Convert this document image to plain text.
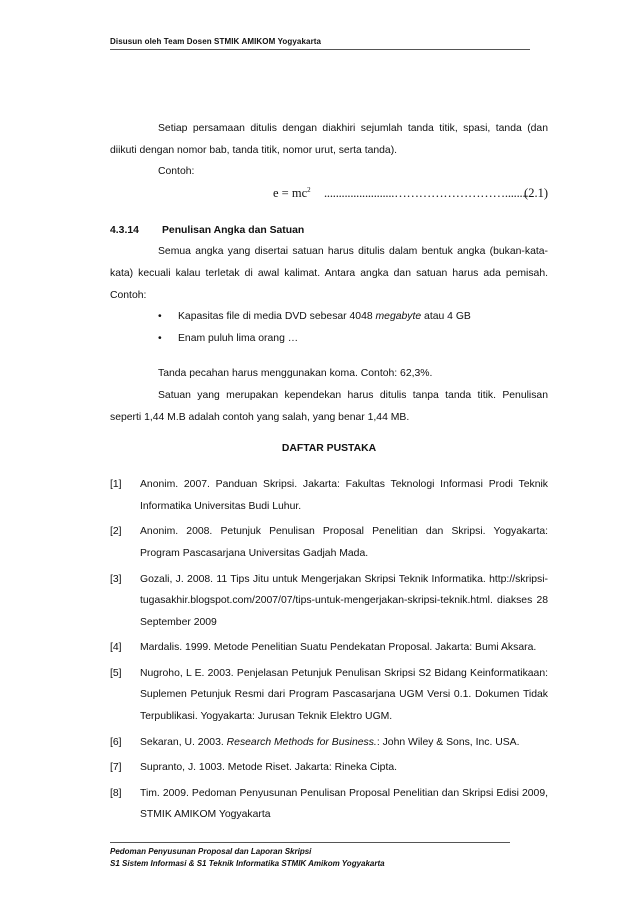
Disusun oleh Team Dosen STMIK AMIKOM Yogyakarta

Setiap persamaan ditulis dengan diakhiri sejumlah tanda titik, spasi, tanda (dan diikuti dengan nomor bab, tanda titik, nomor urut, serta tanda).

Contoh:
$e = mc^2$ ........................………………………........
(2.1)
4.3.14 Penulisan Angka dan Satuan

Semua angka yang disertai satuan harus ditulis dalam bentuk angka (bukan-kata-kata) kecuali kalau terletak di awal kalimat. Antara angka dan satuan harus ada pemisah. Contoh:

• Kapasitas file di media DVD sebesar 4048 megabyte atau 4 GB
• Enam puluh lima orang …

Tanda pecahan harus menggunakan koma. Contoh: 62,3%.

Satuan yang merupakan kependekan harus ditulis tanpa tanda titik. Penulisan seperti 1,44 M.B adalah contoh yang salah, yang benar 1,44 MB.

DAFTAR PUSTAKA
[1] Anonim. 2007. Panduan Skripsi. Jakarta: Fakultas Teknologi Informasi Prodi Teknik Informatika Universitas Budi Luhur.
[2] Anonim. 2008. Petunjuk Penulisan Proposal Penelitian dan Skripsi. Yogyakarta: Program Pascasarjana Universitas Gadjah Mada.
[3] Gozali, J. 2008. 11 Tips Jitu untuk Mengerjakan Skripsi Teknik Informatika. http://skripsi-tugasakhir.blogspot.com/2007/07/tips-untuk-mengerjakan-skripsi-teknik.html. diakses 28 September 2009
[4] Mardalis. 1999. Metode Penelitian Suatu Pendekatan Proposal. Jakarta: Bumi Aksara.
[5] Nugroho, L E. 2003. Penjelasan Petunjuk Penulisan Skripsi S2 Bidang Keinformatikaan: Suplemen Petunjuk Resmi dari Program Pascasarjana UGM Versi 0.1. Dokumen Tidak Terpublikasi. Yogyakarta: Jurusan Teknik Elektro UGM.
[6] Sekaran, U. 2003. Research Methods for Business.: John Wiley & Sons, Inc. USA.
[7] Supranto, J. 1003. Metode Riset. Jakarta: Rineka Cipta.
[8] Tim. 2009. Pedoman Penyusunan Penulisan Proposal Penelitian dan Skripsi Edisi 2009, STMIK AMIKOM Yogyakarta
Pedoman Penyusunan Proposal dan Laporan Skripsi
S1 Sistem Informasi & S1 Teknik Informatika STMIK Amikom Yogyakarta
